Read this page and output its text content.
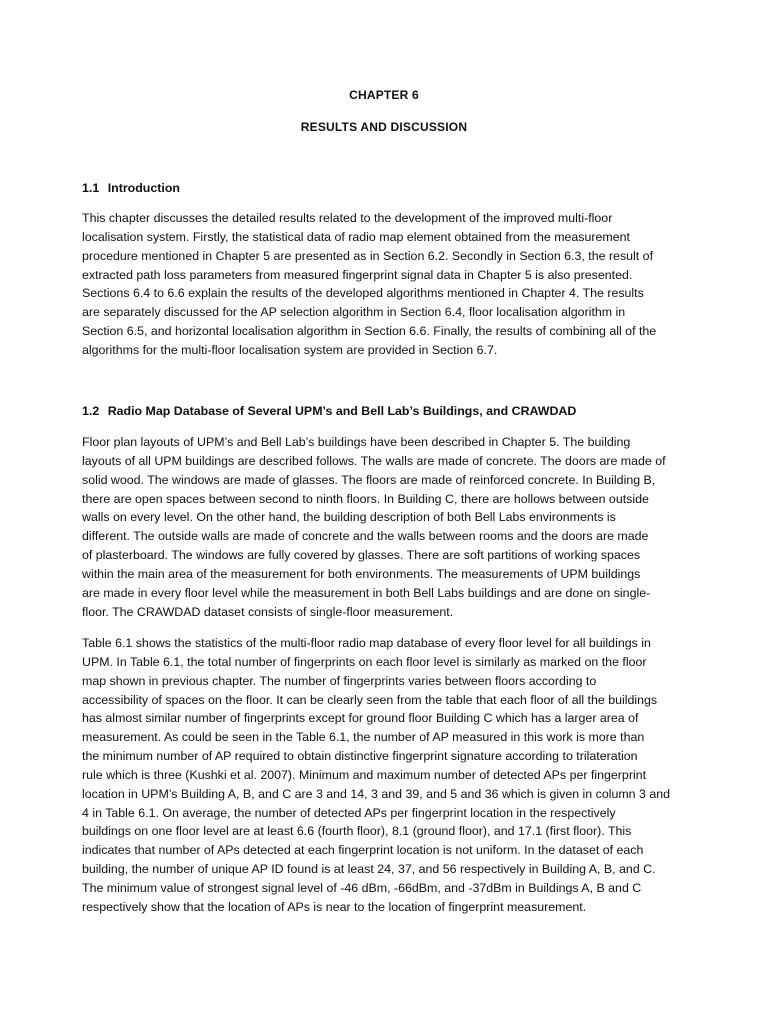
CHAPTER 6
RESULTS AND DISCUSSION
1.1 Introduction

This chapter discusses the detailed results related to the development of the improved multi-floor
localisation system. Firstly, the statistical data of radio map element obtained from the measurement
procedure mentioned in Chapter 5 are presented as in Section 6.2. Secondly in Section 6.3, the result of
extracted path loss parameters from measured fingerprint signal data in Chapter 5 is also presented.
Sections 6.4 to 6.6 explain the results of the developed algorithms mentioned in Chapter 4. The results
are separately discussed for the AP selection algorithm in Section 6.4, floor localisation algorithm in
Section 6.5, and horizontal localisation algorithm in Section 6.6. Finally, the results of combining all of the
algorithms for the multi-floor localisation system are provided in Section 6.7.

1.2 Radio Map Database of Several UPM’s and Bell Lab’s Buildings, and CRAWDAD

Floor plan layouts of UPM’s and Bell Lab’s buildings have been described in Chapter 5. The building
layouts of all UPM buildings are described follows. The walls are made of concrete. The doors are made of
solid wood. The windows are made of glasses. The floors are made of reinforced concrete. In Building B,
there are open spaces between second to ninth floors. In Building C, there are hollows between outside
walls on every level. On the other hand, the building description of both Bell Labs environments is
different. The outside walls are made of concrete and the walls between rooms and the doors are made
of plasterboard. The windows are fully covered by glasses. There are soft partitions of working spaces
within the main area of the measurement for both environments. The measurements of UPM buildings
are made in every floor level while the measurement in both Bell Labs buildings and are done on single-
floor. The CRAWDAD dataset consists of single-floor measurement.

Table 6.1 shows the statistics of the multi-floor radio map database of every floor level for all buildings in
UPM. In Table 6.1, the total number of fingerprints on each floor level is similarly as marked on the floor
map shown in previous chapter. The number of fingerprints varies between floors according to
accessibility of spaces on the floor. It can be clearly seen from the table that each floor of all the buildings
has almost similar number of fingerprints except for ground floor Building C which has a larger area of
measurement. As could be seen in the Table 6.1, the number of AP measured in this work is more than
the minimum number of AP required to obtain distinctive fingerprint signature according to trilateration
rule which is three (Kushki et al. 2007). Minimum and maximum number of detected APs per fingerprint
location in UPM’s Building A, B, and C are 3 and 14, 3 and 39, and 5 and 36 which is given in column 3 and
4 in Table 6.1. On average, the number of detected APs per fingerprint location in the respectively
buildings on one floor level are at least 6.6 (fourth floor), 8.1 (ground floor), and 17.1 (first floor). This
indicates that number of APs detected at each fingerprint location is not uniform. In the dataset of each
building, the number of unique AP ID found is at least 24, 37, and 56 respectively in Building A, B, and C.
The minimum value of strongest signal level of -46 dBm, -66dBm, and -37dBm in Buildings A, B and C
respectively show that the location of APs is near to the location of fingerprint measurement.
